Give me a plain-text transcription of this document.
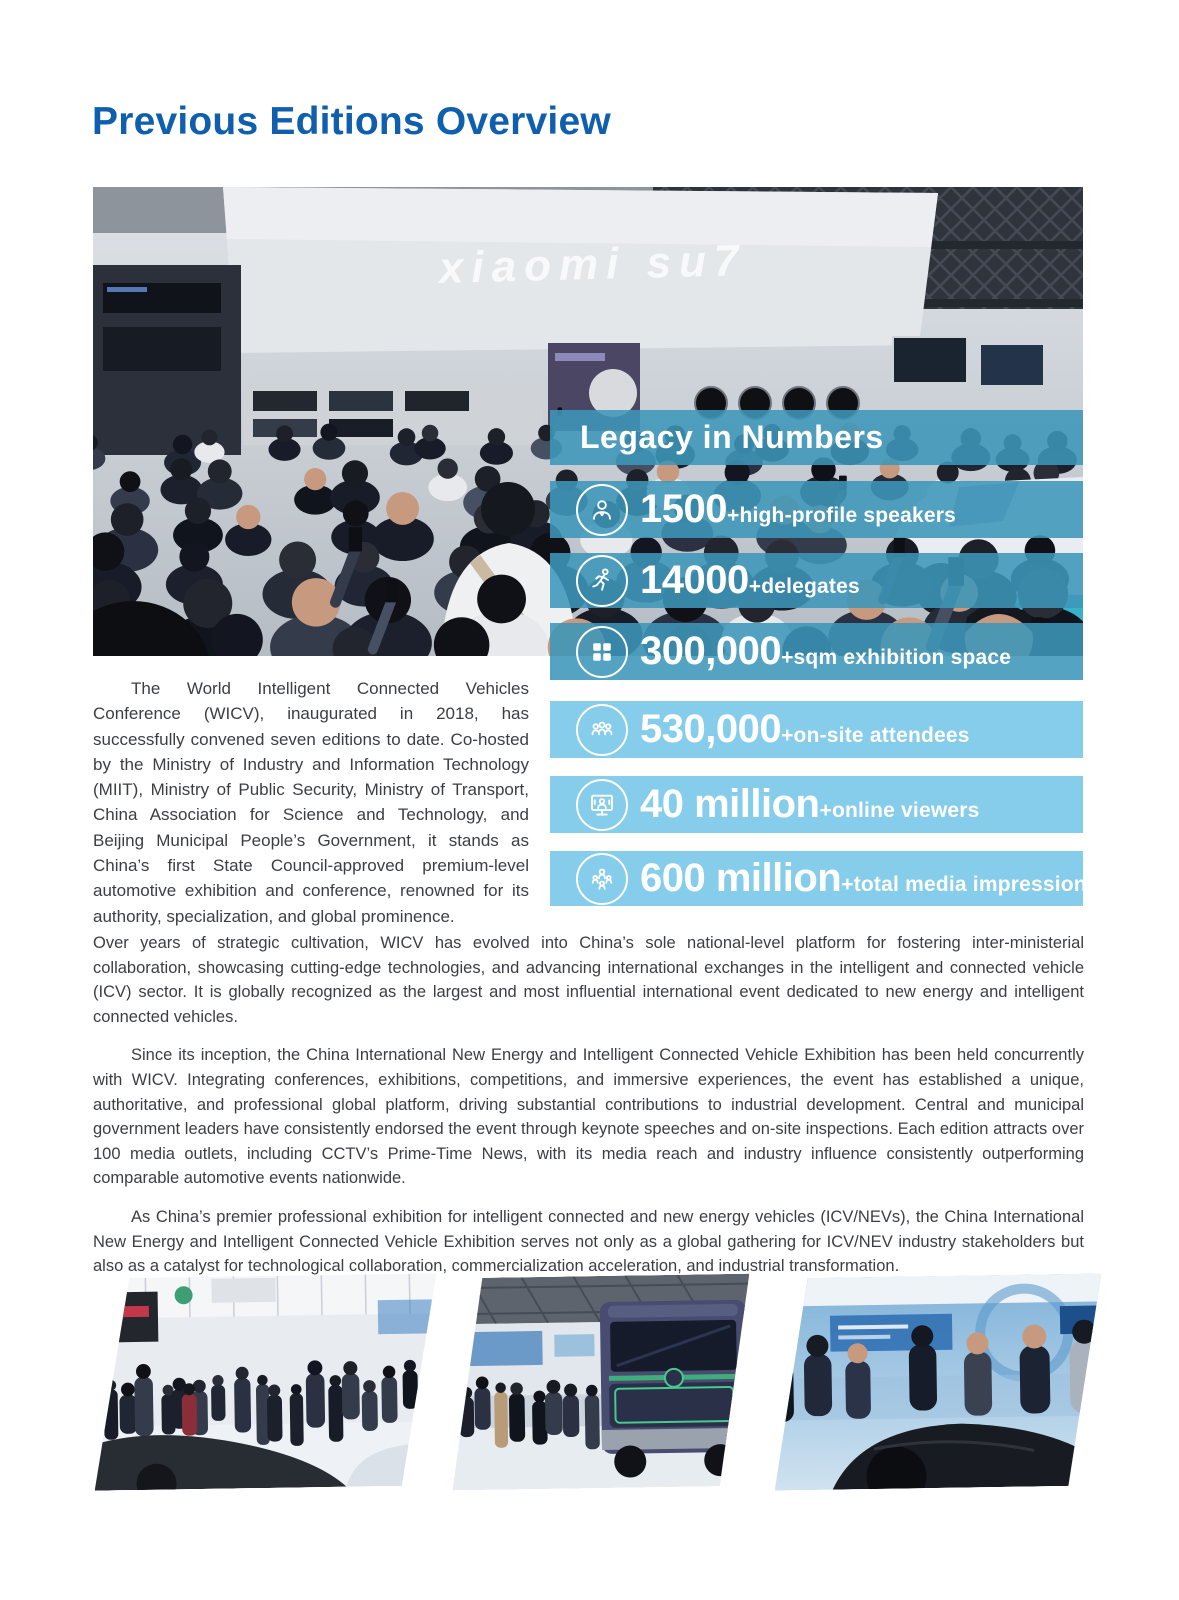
Previous Editions Overview
xiaomi su7
Legacy in Numbers
1500+high-profile speakers
14000+delegates
300,000+sqm exhibition space
530,000+on-site attendees
40 million+online viewers
600 million+total media impressions

The World Intelligent Connected Vehicles Conference (WICV), inaugurated in 2018, has successfully convened seven editions to date. Co-hosted by the Ministry of Industry and Information Technology (MIIT), Ministry of Public Security, Ministry of Transport, China Association for Science and Technology, and Beijing Municipal People’s Government, it stands as China’s first State Council-approved premium-level automotive exhibition and conference, renowned for its authority, specialization, and global prominence.

Over years of strategic cultivation, WICV has evolved into China’s sole national-level platform for fostering inter-ministerial collaboration, showcasing cutting-edge technologies, and advancing international exchanges in the intelligent and connected vehicle (ICV) sector. It is globally recognized as the largest and most influential international event dedicated to new energy and intelligent connected vehicles.

Since its inception, the China International New Energy and Intelligent Connected Vehicle Exhibition has been held concurrently with WICV. Integrating conferences, exhibitions, competitions, and immersive experiences, the event has established a unique, authoritative, and professional global platform, driving substantial contributions to industrial development. Central and municipal government leaders have consistently endorsed the event through keynote speeches and on-site inspections. Each edition attracts over 100 media outlets, including CCTV’s Prime-Time News, with its media reach and industry influence consistently outperforming comparable automotive events nationwide.

As China’s premier professional exhibition for intelligent connected and new energy vehicles (ICV/NEVs), the China International New Energy and Intelligent Connected Vehicle Exhibition serves not only as a global gathering for ICV/NEV industry stakeholders but also as a catalyst for technological collaboration, commercialization acceleration, and industrial transformation.
